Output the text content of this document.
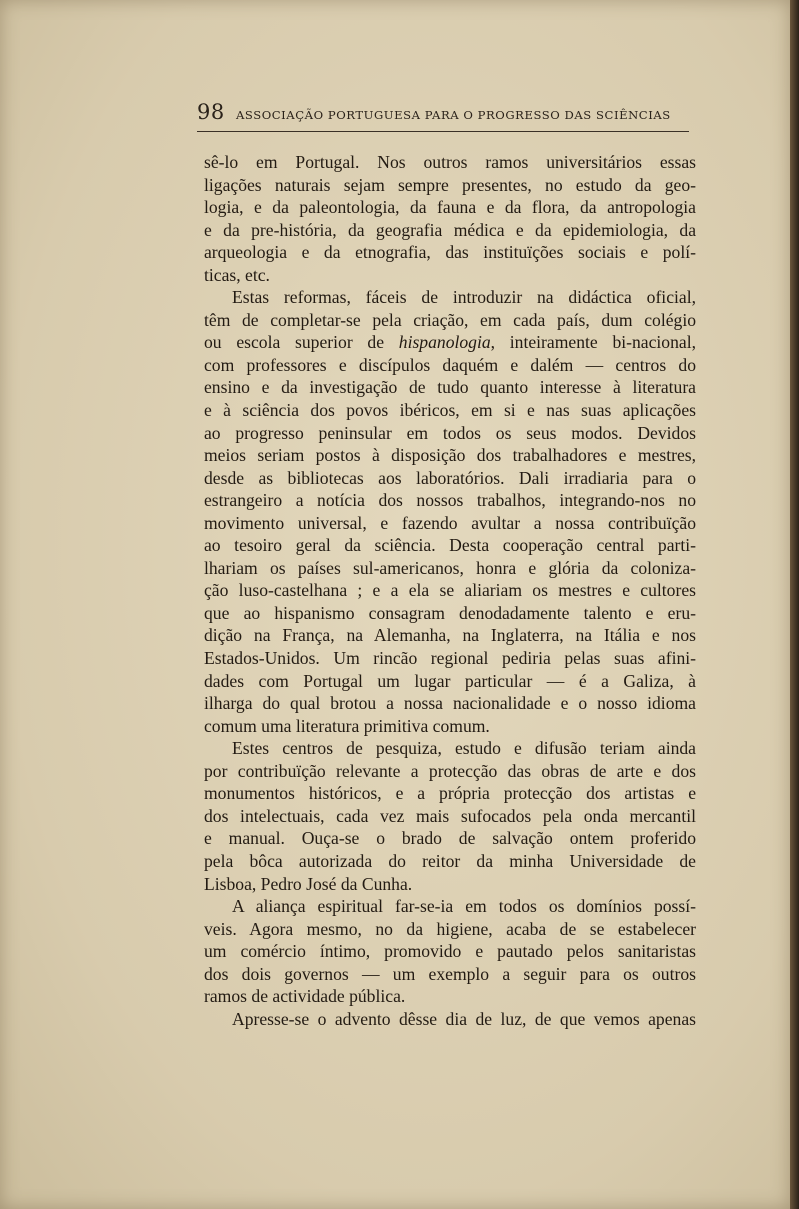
98 ASSOCIAÇÃO PORTUGUESA PARA O PROGRESSO DAS SCIÊNCIAS
sê-lo em Portugal. Nos outros ramos universitários essas
ligações naturais sejam sempre presentes, no estudo da geo-
logia, e da paleontologia, da fauna e da flora, da antropologia
e da pre-história, da geografia médica e da epidemiologia, da
arqueologia e da etnografia, das instituïções sociais e polí-
ticas, etc.
Estas reformas, fáceis de introduzir na didáctica oficial,
têm de completar-se pela criação, em cada país, dum colégio
ou escola superior de hispanologia, inteiramente bi-nacional,
com professores e discípulos daquém e dalém — centros do
ensino e da investigação de tudo quanto interesse à literatura
e à sciência dos povos ibéricos, em si e nas suas aplicações
ao progresso peninsular em todos os seus modos. Devidos
meios seriam postos à disposição dos trabalhadores e mestres,
desde as bibliotecas aos laboratórios. Dali irradiaria para o
estrangeiro a notícia dos nossos trabalhos, integrando-nos no
movimento universal, e fazendo avultar a nossa contribuïção
ao tesoiro geral da sciência. Desta cooperação central parti-
lhariam os países sul-americanos, honra e glória da coloniza-
ção luso-castelhana ; e a ela se aliariam os mestres e cultores
que ao hispanismo consagram denodadamente talento e eru-
dição na França, na Alemanha, na Inglaterra, na Itália e nos
Estados-Unidos. Um rincão regional pediria pelas suas afini-
dades com Portugal um lugar particular — é a Galiza, à
ilharga do qual brotou a nossa nacionalidade e o nosso idioma
comum uma literatura primitiva comum.
Estes centros de pesquiza, estudo e difusão teriam ainda
por contribuïção relevante a protecção das obras de arte e dos
monumentos históricos, e a própria protecção dos artistas e
dos intelectuais, cada vez mais sufocados pela onda mercantil
e manual. Ouça-se o brado de salvação ontem proferido
pela bôca autorizada do reitor da minha Universidade de
Lisboa, Pedro José da Cunha.
A aliança espiritual far-se-ia em todos os domínios possí-
veis. Agora mesmo, no da higiene, acaba de se estabelecer
um comércio íntimo, promovido e pautado pelos sanitaristas
dos dois governos — um exemplo a seguir para os outros
ramos de actividade pública.
Apresse-se o advento dêsse dia de luz, de que vemos apenas
